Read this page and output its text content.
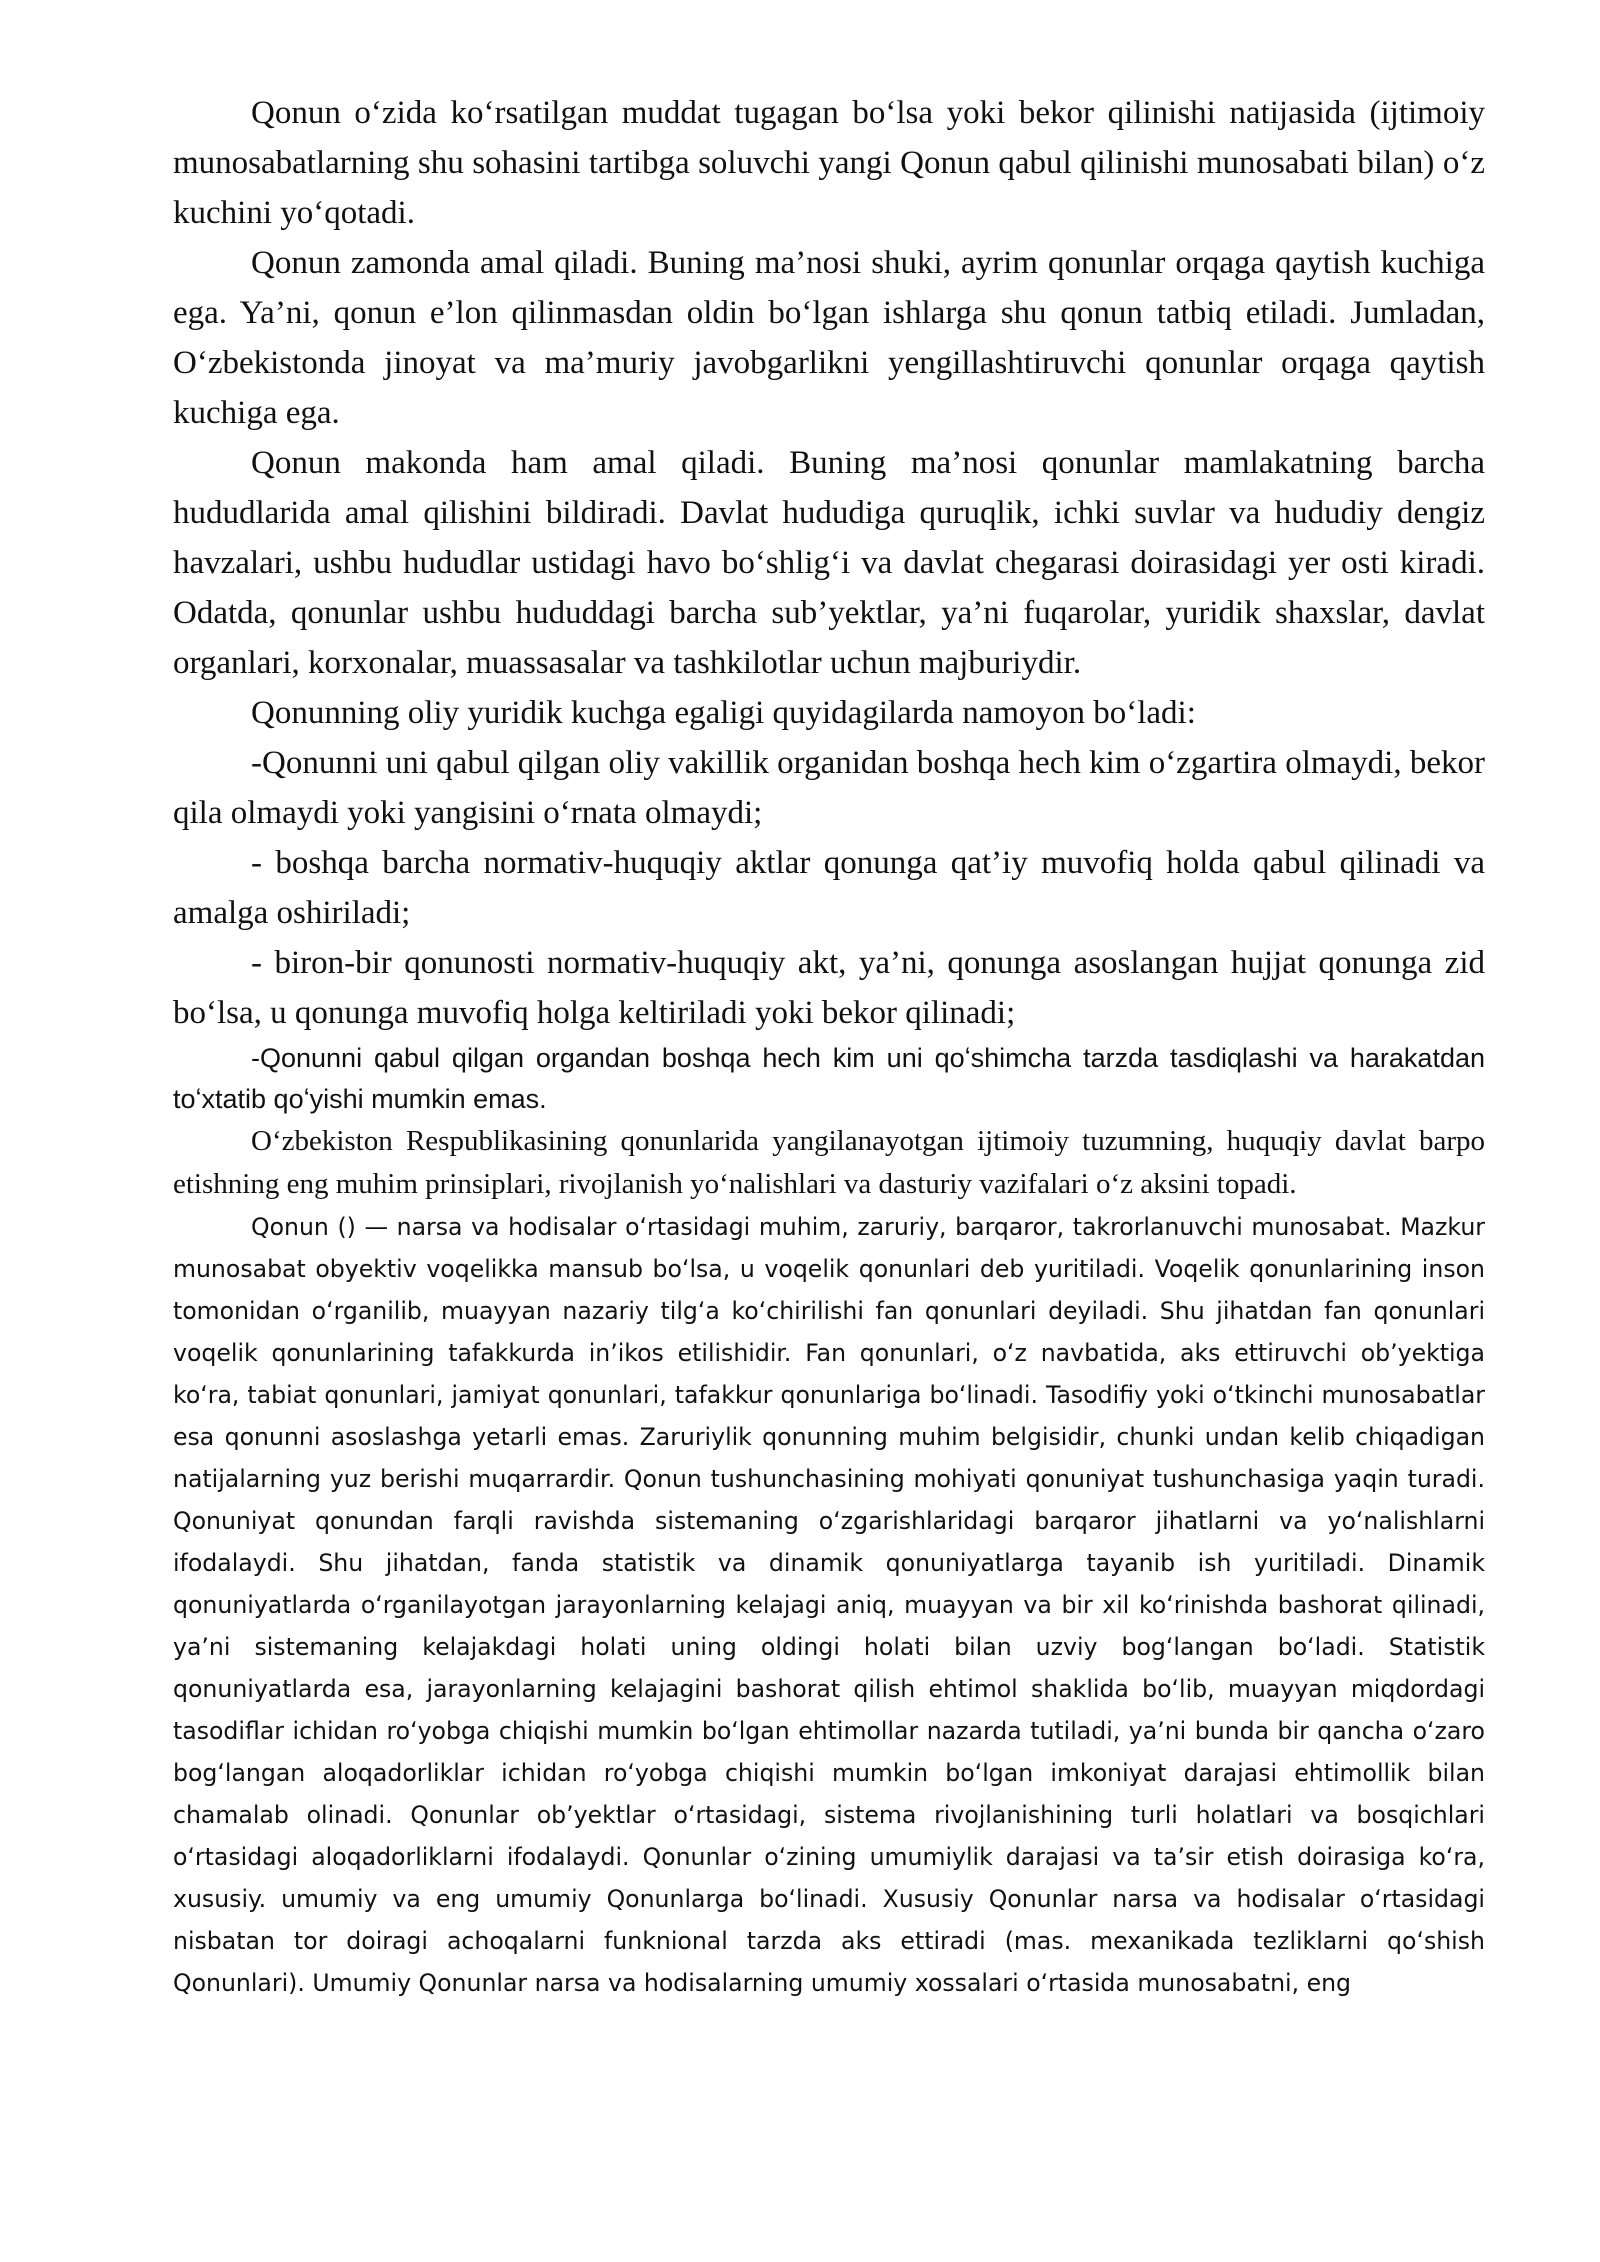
Qonun oʻzida koʻrsatilgan muddat tugagan boʻlsa yoki bekor qilinishi natijasida (ijtimoiy munosabatlarning shu sohasini tartibga soluvchi yangi Qonun qabul qilinishi munosabati bilan) oʻz kuchini yoʻqotadi.

Qonun zamonda amal qiladi. Buning ma’nosi shuki, ayrim qonunlar orqaga qaytish kuchiga ega. Ya’ni, qonun e’lon qilinmasdan oldin boʻlgan ishlarga shu qonun tatbiq etiladi. Jumladan, Oʻzbekistonda jinoyat va ma’muriy javobgarlikni yengillashtiruvchi qonunlar orqaga qaytish kuchiga ega.

Qonun makonda ham amal qiladi. Buning ma’nosi qonunlar mamlakatning barcha hududlarida amal qilishini bildiradi. Davlat hududiga quruqlik, ichki suvlar va hududiy dengiz havzalari, ushbu hududlar ustidagi havo boʻshligʻi va davlat chegarasi doirasidagi yer osti kiradi. Odatda, qonunlar ushbu hududdagi barcha sub’yektlar, ya’ni fuqarolar, yuridik shaxslar, davlat organlari, korxonalar, muassasalar va tashkilotlar uchun majburiydir.

Qonunning oliy yuridik kuchga egaligi quyidagilarda namoyon boʻladi:

-Qonunni uni qabul qilgan oliy vakillik organidan boshqa hech kim oʻzgartira olmaydi, bekor qila olmaydi yoki yangisini oʻrnata olmaydi;

- boshqa barcha normativ-huquqiy aktlar qonunga qat’iy muvofiq holda qabul qilinadi va amalga oshiriladi;

- biron-bir qonunosti normativ-huquqiy akt, ya’ni, qonunga asoslangan hujjat qonunga zid boʻlsa, u qonunga muvofiq holga keltiriladi yoki bekor qilinadi;

-Qonunni qabul qilgan organdan boshqa hech kim uni qoʻshimcha tarzda tasdiqlashi va harakatdan toʻxtatib qoʻyishi mumkin emas.

Oʻzbekiston Respublikasining qonunlarida yangilanayotgan ijtimoiy tuzumning, huquqiy davlat barpo etishning eng muhim prinsiplari, rivojlanish yoʻnalishlari va dasturiy vazifalari oʻz aksini topadi.

Qonun () — narsa va hodisalar oʻrtasidagi muhim, zaruriy, barqaror, takrorlanuvchi munosabat. Mazkur munosabat obyektiv voqelikka mansub boʻlsa, u voqelik qonunlari deb yuritiladi. Voqelik qonunlarining inson tomonidan oʻrganilib, muayyan nazariy tilgʻa koʻchirilishi fan qonunlari deyiladi. Shu jihatdan fan qonunlari voqelik qonunlarining tafakkurda in’ikos etilishidir. Fan qonunlari, oʻz navbatida, aks ettiruvchi ob’yektiga koʻra, tabiat qonunlari, jamiyat qonunlari, tafakkur qonunlariga boʻlinadi. Tasodifiy yoki oʻtkinchi munosabatlar esa qonunni asoslashga yetarli emas. Zaruriylik qonunning muhim belgisidir, chunki undan kelib chiqadigan natijalarning yuz berishi muqarrardir. Qonun tushunchasining mohiyati qonuniyat tushunchasiga yaqin turadi. Qonuniyat qonundan farqli ravishda sistemaning oʻzgarishlaridagi barqaror jihatlarni va yoʻnalishlarni ifodalaydi. Shu jihatdan, fanda statistik va dinamik qonuniyatlarga tayanib ish yuritiladi. Dinamik qonuniyatlarda oʻrganilayotgan jarayonlarning kelajagi aniq, muayyan va bir xil koʻrinishda bashorat qilinadi, ya’ni sistemaning kelajakdagi holati uning oldingi holati bilan uzviy bogʻlangan boʻladi. Statistik qonuniyatlarda esa, jarayonlarning kelajagini bashorat qilish ehtimol shaklida boʻlib, muayyan miqdordagi tasodiflar ichidan roʻyobga chiqishi mumkin boʻlgan ehtimollar nazarda tutiladi, ya’ni bunda bir qancha oʻzaro bogʻlangan aloqadorliklar ichidan roʻyobga chiqishi mumkin boʻlgan imkoniyat darajasi ehtimollik bilan chamalab olinadi. Qonunlar ob’yektlar oʻrtasidagi, sistema rivojlanishining turli holatlari va bosqichlari oʻrtasidagi aloqadorliklarni ifodalaydi. Qonunlar oʻzining umumiylik darajasi va ta’sir etish doirasiga koʻra, xususiy. umumiy va eng umumiy Qonunlarga boʻlinadi. Xususiy Qonunlar narsa va hodisalar oʻrtasidagi nisbatan tor doiragi achoqalarni funknional tarzda aks ettiradi (mas. mexanikada tezliklarni qoʻshish Qonunlari). Umumiy Qonunlar narsa va hodisalarning umumiy xossalari oʻrtasida munosabatni, eng
